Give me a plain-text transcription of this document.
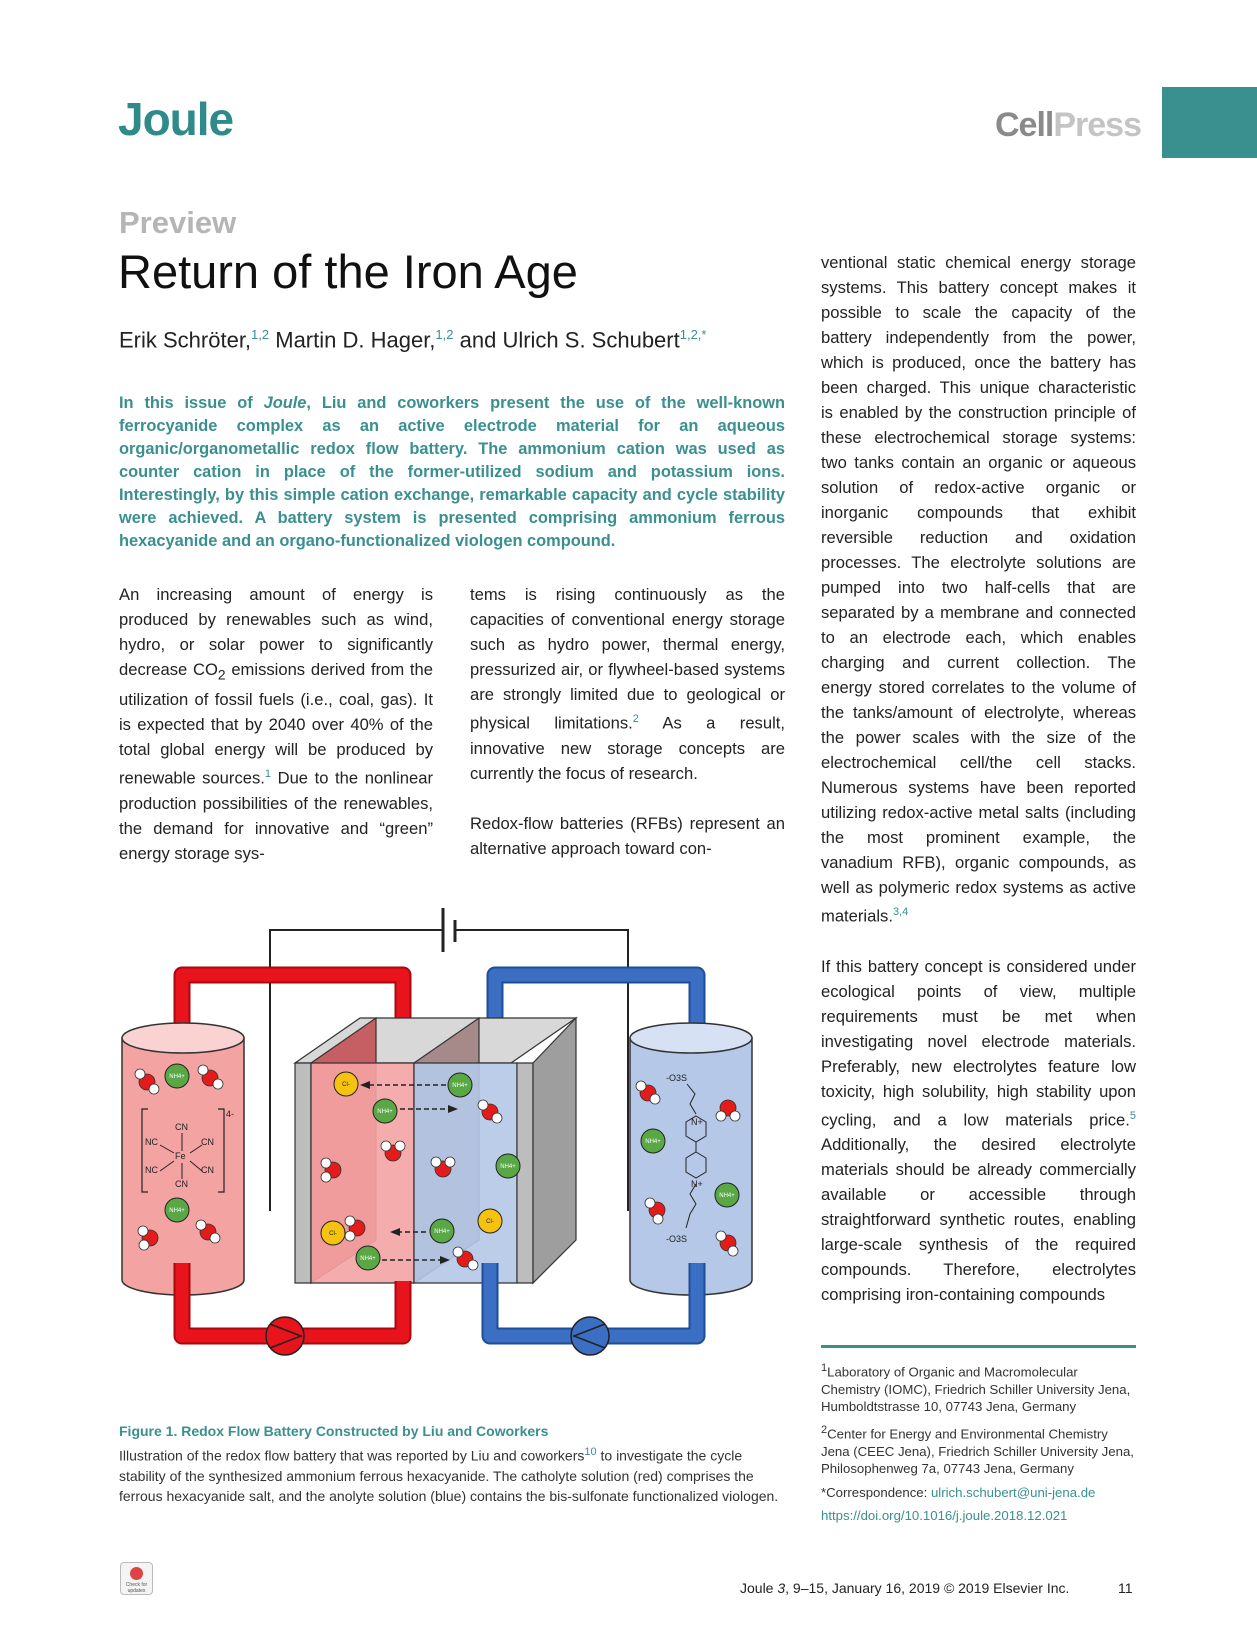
Joule	CellPress
Preview
Return of the Iron Age
Erik Schröter,$^{1,2}$ Martin D. Hager,$^{1,2}$ and Ulrich S. Schubert$^{1,2,*}$
In this issue of Joule, Liu and coworkers present the use of the well-known ferrocyanide complex as an active electrode material for an aqueous organic/organometallic redox flow battery. The ammonium cation was used as counter cation in place of the former-utilized sodium and potassium ions. Interestingly, by this simple cation exchange, remarkable capacity and cycle stability were achieved. A battery system is presented comprising ammonium ferrous hexacyanide and an organo-functionalized viologen compound.

An increasing amount of energy is produced by renewables such as wind, hydro, or solar power to significantly decrease $CO_2$ emissions derived from the utilization of fossil fuels (i.e., coal, gas). It is expected that by 2040 over 40% of the total global energy will be produced by renewable sources.$^1$ Due to the nonlinear production possibilities of the renewables, the demand for innovative and “green” energy storage sys-

tems is rising continuously as the capacities of conventional energy storage such as hydro power, thermal energy, pressurized air, or flywheel-based systems are strongly limited due to geological or physical limitations.$^2$ As a result, innovative new storage concepts are currently the focus of research.

Redox-flow batteries (RFBs) represent an alternative approach toward con-

ventional static chemical energy storage systems. This battery concept makes it possible to scale the capacity of the battery independently from the power, which is produced, once the battery has been charged. This unique characteristic is enabled by the construction principle of these electrochemical storage systems: two tanks contain an organic or aqueous solution of redox-active organic or inorganic compounds that exhibit reversible reduction and oxidation processes. The electrolyte solutions are pumped into two half-cells that are separated by a membrane and connected to an electrode each, which enables charging and current collection. The energy stored correlates to the volume of the tanks/amount of electrolyte, whereas the power scales with the size of the electrochemical cell/the cell stacks. Numerous systems have been reported utilizing redox-active metal salts (including the most prominent example, the vanadium RFB), organic compounds, as well as polymeric redox systems as active materials.$^{3,4}$

If this battery concept is considered under ecological points of view, multiple requirements must be met when investigating novel electrode materials. Preferably, new electrolytes feature low toxicity, high solubility, high stability upon cycling, and a low materials price.$^5$ Additionally, the desired electrolyte materials should be already commercially available or accessible through straightforward synthetic routes, enabling large-scale synthesis of the required compounds. Therefore, electrolytes comprising iron-containing compounds

4-
CN
CN
NC
NC
CN
CN
Fe
-O3S
-O3S
N+
N+
NH4+
NH4+
NH4+
NH4+
NH4+
NH4+
NH4+
NH4+
NH4+
Cl-
Cl-
Cl-
Figure 1. Redox Flow Battery Constructed by Liu and Coworkers
Illustration of the redox flow battery that was reported by Liu and coworkers$^{10}$ to investigate the cycle stability of the synthesized ammonium ferrous hexacyanide. The catholyte solution (red) comprises the ferrous hexacyanide salt, and the anolyte solution (blue) contains the bis-sulfonate functionalized viologen.

$^1$Laboratory of Organic and Macromolecular Chemistry (IOMC), Friedrich Schiller University Jena, Humboldtstrasse 10, 07743 Jena, Germany

$^2$Center for Energy and Environmental Chemistry Jena (CEEC Jena), Friedrich Schiller University Jena, Philosophenweg 7a, 07743 Jena, Germany

*Correspondence: ulrich.schubert@uni-jena.de

https://doi.org/10.1016/j.joule.2018.12.021

Check for updates	Joule 3, 9–15, January 16, 2019 © 2019 Elsevier Inc.	11
